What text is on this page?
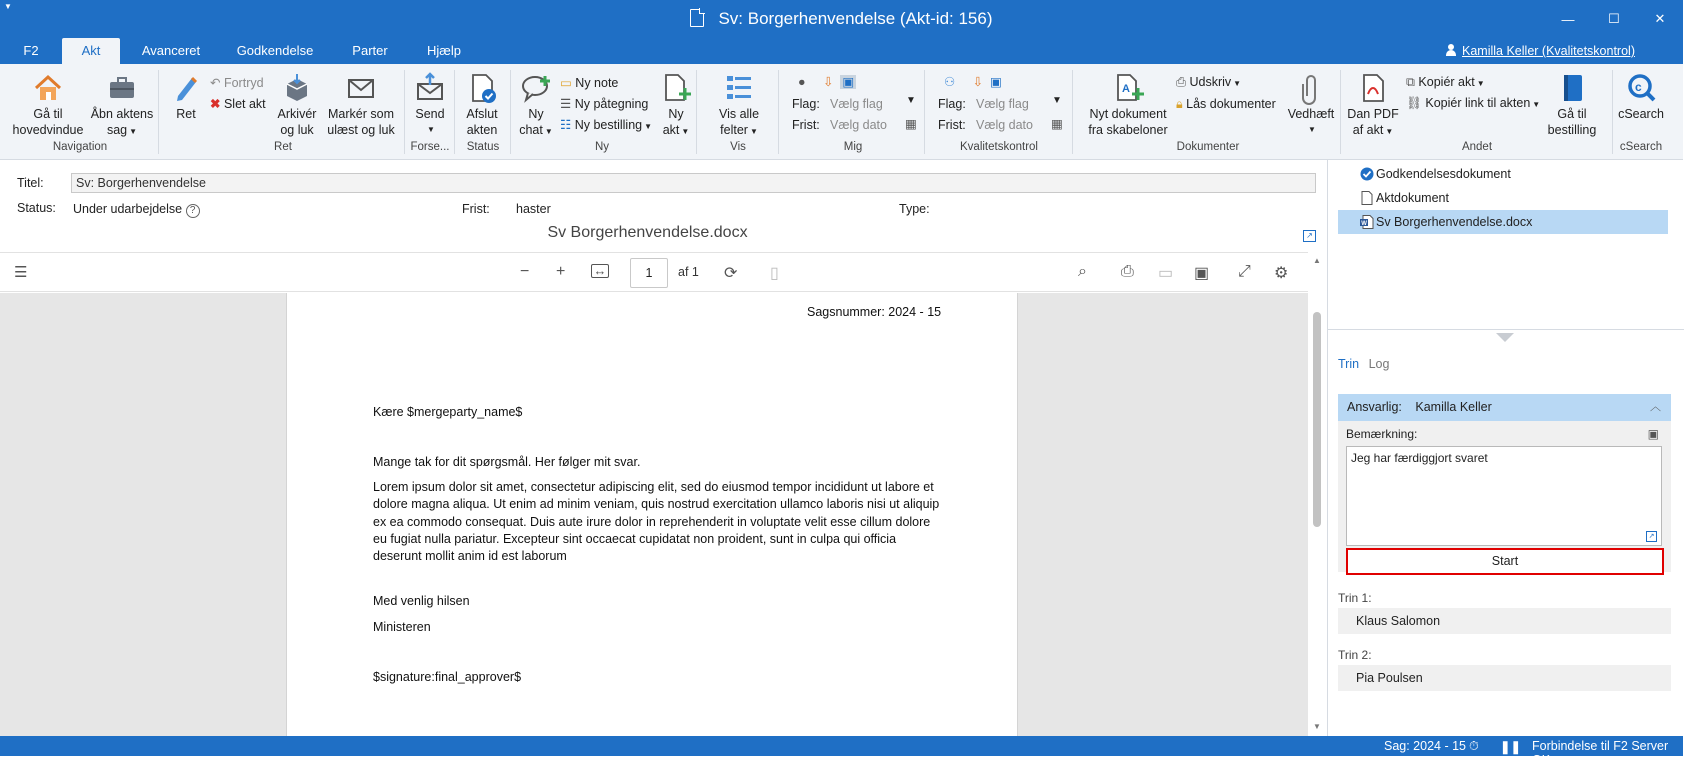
▼
Sv: Borgerhenvendelse (Akt-id: 156)	—	☐	✕
F2	Akt	Avanceret	Godkendelse	Parter	Hjælp	Kamilla Keller (Kvalitetskontrol)
Gå til
hovedvindue
Åbn aktens
sag ▼
Navigation
Ret
↶ Fortryd
✖ Slet akt
Arkivér
og luk
Markér som
ulæst og luk
Ret
Send
▼
Forse...
Afslut
akten
Status
Ny
chat ▼
▭ Ny note
☰ Ny påtegning
☷ Ny bestilling ▼
Ny
akt ▼
Ny
Vis alle
felter ▼
Vis
● ⇩ ▣
Flag: Vælg flag
Frist: Vælg dato
▼
▦
Mig
⚇ ⇩ ▣
Flag: Vælg flag
Frist: Vælg dato
▼
▦
Kvalitetskontrol
A
Nyt dokument
fra skabeloner
⎙ Udskriv ▼
🔒︎ Lås dokumenter
Vedhæft
▼
Dokumenter
Dan PDF
af akt ▼
⧉ Kopiér akt ▼
⛓︎ Kopiér link til akten ▼
Gå til
bestilling
Andet
c
cSearch
cSearch
Titel:	Sv: Borgerhenvendelse
Status: Under udarbejdelse ?	Frist: haster	Type:
Sv Borgerhenvendelse.docx	↗
☰	− + ↔	1	af 1 ⟳ ▯	⌕ ⎙ ▭ ▣ ⤢ ⚙
Sagsnummer: 2024 - 15
Kære $mergeparty_name$
Mange tak for dit spørgsmål. Her følger mit svar.
Lorem ipsum dolor sit amet, consectetur adipiscing elit, sed do eiusmod tempor incididunt ut labore et
dolore magna aliqua. Ut enim ad minim veniam, quis nostrud exercitation ullamco laboris nisi ut aliquip
ex ea commodo consequat. Duis aute irure dolor in reprehenderit in voluptate velit esse cillum dolore
eu fugiat nulla pariatur. Excepteur sint occaecat cupidatat non proident, sunt in culpa qui officia
deserunt mollit anim id est laborum
Med venlig hilsen
Ministeren
$signature:final_approver$
▲
▼
Godkendelsesdokument
Aktdokument
W Sv Borgerhenvendelse.docx
Trin Log
Ansvarlig: Kamilla Keller	︿
Bemærkning:	▣
Jeg har færdiggjort svaret
↗
Start
Trin 1:
Klaus Salomon
Trin 2:
Pia Poulsen
Sag: 2024 - 15 ⏱ ❚❚ Forbindelse til F2 Server OK
